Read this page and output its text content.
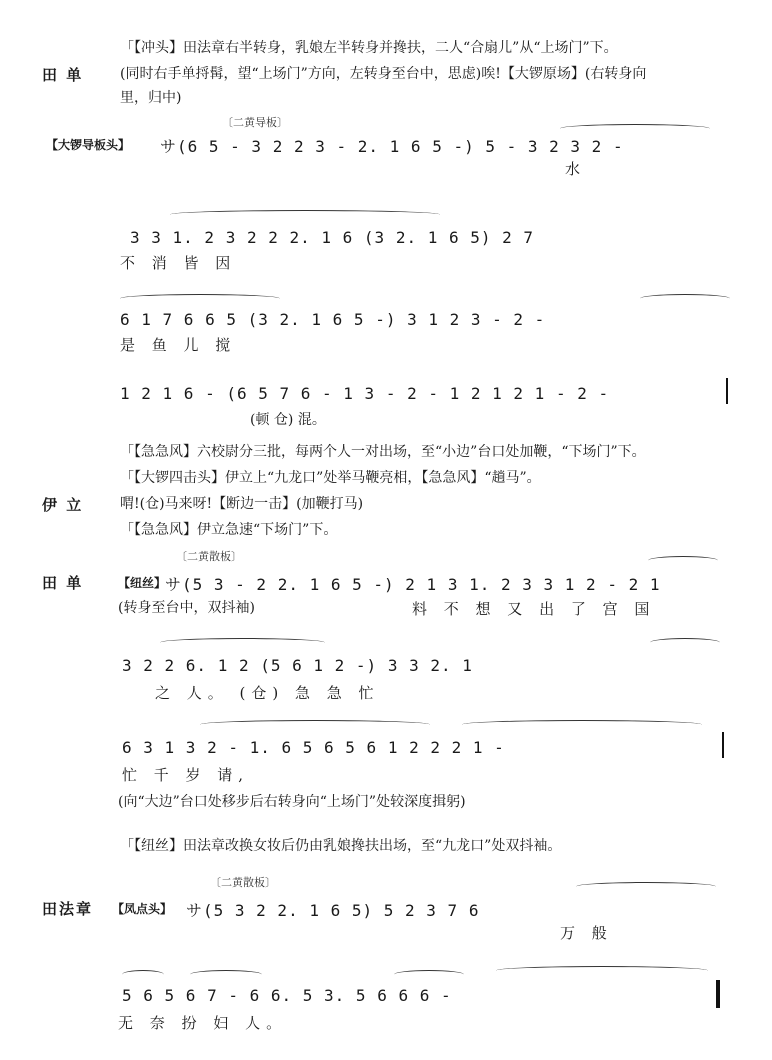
「【冲头】田法章右半转身，乳娘左半转身并搀扶，二人“合扇儿”从“上场门”下。
田 单	(同时右手单捋髯，望“上场门”方向，左转身至台中，思虑)唉!【大锣原场】(右转身向
里，归中)
〔二黄导板〕
【大锣导板头】 サ(6 5 - 3 2 2 3 - 2. 1 6 5 -) 5 - 3 2 3 2 -
水
3 3 1. 2 3 2 2 2. 1 6 (3 2. 1 6 5) 2 7
不 消 皆 因
6 1 7 6 6 5 (3 2. 1 6 5 -) 3 1 2 3 - 2 -
是 鱼 儿 搅
1 2 1 6 - (6 5 7 6 - 1 3 - 2 - 1 2 1 2 1 - 2 -
(顿 仓) 混。
「【急急风】六校尉分三批，每两个人一对出场，至“小边”台口处加鞭，“下场门”下。
「【大锣四击头】伊立上“九龙口”处举马鞭亮相，【急急风】“趟马”。
伊 立	喟!(仓)马来呀!【断边一击】(加鞭打马)
「【急急风】伊立急速“下场门”下。
〔二黄散板〕
田 单	【纽丝】
サ(5 3 - 2 2. 1 6 5 -) 2 1 3 1. 2 3 3 1 2 - 2 1
(转身至台中，双抖袖)	料 不 想 又 出 了 宫 国
3 2 2 6. 1 2 (5 6 1 2 -) 3 3 2. 1
之 人。 (仓) 急 急 忙
6 3 1 3 2 - 1. 6 5 6 5 6 1 2 2 2 1 -
忙 千 岁 请,
(向“大边”台口处移步后右转身向“上场门”处较深度揖躬)
「【纽丝】田法章改换女妆后仍由乳娘搀扶出场，至“九龙口”处双抖袖。
〔二黄散板〕
田法章 【凤点头】 サ(5 3 2 2. 1 6 5) 5 2 3 7 6
万 般
5 6 5 6 7 - 6 6. 5 3. 5 6 6 6 -
无 奈 扮 妇 人。
